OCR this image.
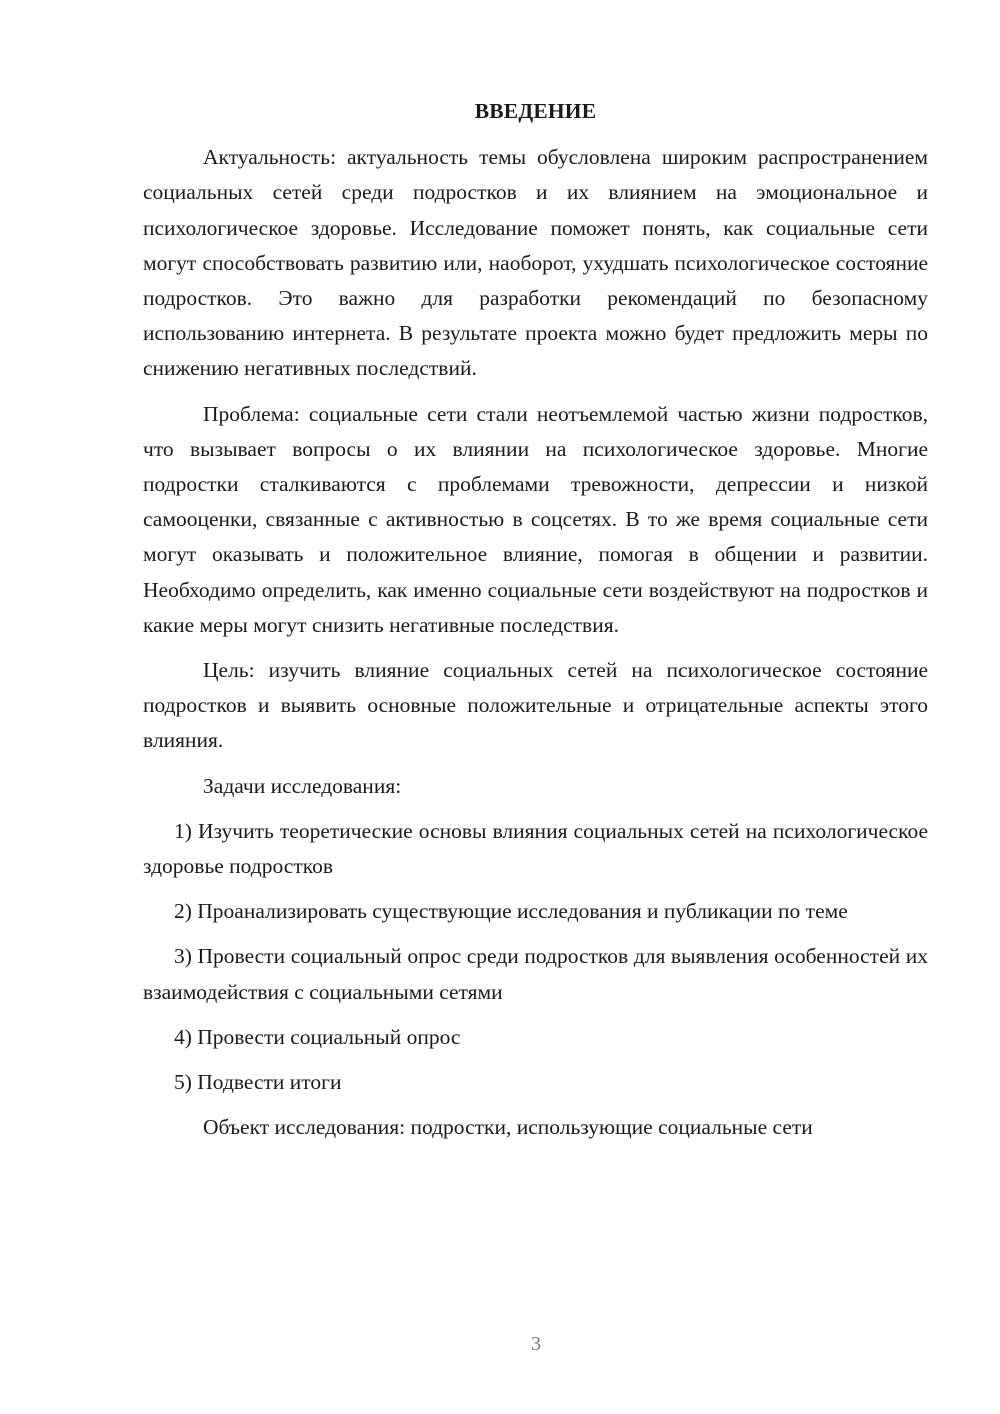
ВВЕДЕНИЕ

Актуальность: актуальность темы обусловлена широким распространением социальных сетей среди подростков и их влиянием на эмоциональное и психологическое здоровье. Исследование поможет понять, как социальные сети могут способствовать развитию или, наоборот, ухудшать психологическое состояние подростков. Это важно для разработки рекомендаций по безопасному использованию интернета. В результате проекта можно будет предложить меры по снижению негативных последствий.

Проблема: социальные сети стали неотъемлемой частью жизни подростков, что вызывает вопросы о их влиянии на психологическое здоровье. Многие подростки сталкиваются с проблемами тревожности, депрессии и низкой самооценки, связанные с активностью в соцсетях. В то же время социальные сети могут оказывать и положительное влияние, помогая в общении и развитии. Необходимо определить, как именно социальные сети воздействуют на подростков и какие меры могут снизить негативные последствия.

Цель: изучить влияние социальных сетей на психологическое состояние подростков и выявить основные положительные и отрицательные аспекты этого влияния.

Задачи исследования:

1) Изучить теоретические основы влияния социальных сетей на психологическое здоровье подростков

2) Проанализировать существующие исследования и публикации по теме

3) Провести социальный опрос среди подростков для выявления особенностей их взаимодействия с социальными сетями

4) Провести социальный опрос

5) Подвести итоги

Объект исследования: подростки, использующие социальные сети

3
